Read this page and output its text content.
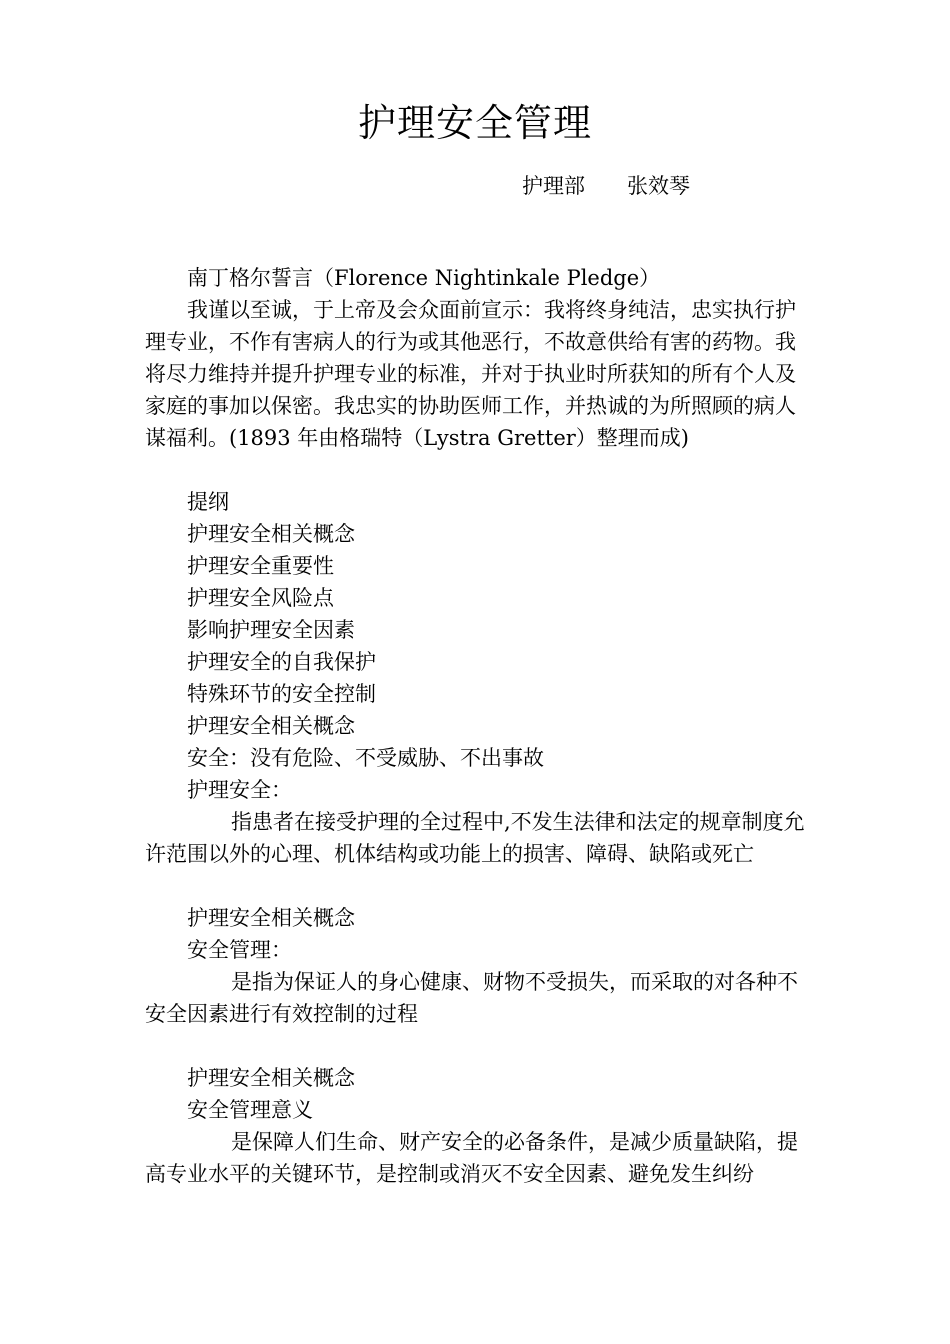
护理安全管理
护理部　　张效琴

南丁格尔誓言（Florence Nightinkale Pledge）

我谨以至诚，于上帝及会众面前宣示：我将终身纯洁，忠实执行护理专业，不作有害病人的行为或其他恶行，不故意供给有害的药物。我将尽力维持并提升护理专业的标准，并对于执业时所获知的所有个人及家庭的事加以保密。我忠实的协助医师工作，并热诚的为所照顾的病人谋福利。(1893 年由格瑞特（Lystra Gretter）整理而成)

提纲

护理安全相关概念

护理安全重要性

护理安全风险点

影响护理安全因素

护理安全的自我保护

特殊环节的安全控制

护理安全相关概念

安全：没有危险、不受威胁、不出事故

护理安全：

指患者在接受护理的全过程中,不发生法律和法定的规章制度允许范围以外的心理、机体结构或功能上的损害、障碍、缺陷或死亡

护理安全相关概念

安全管理：

是指为保证人的身心健康、财物不受损失，而采取的对各种不安全因素进行有效控制的过程

护理安全相关概念

安全管理意义

是保障人们生命、财产安全的必备条件，是减少质量缺陷，提高专业水平的关键环节，是控制或消灭不安全因素、避免发生纠纷
